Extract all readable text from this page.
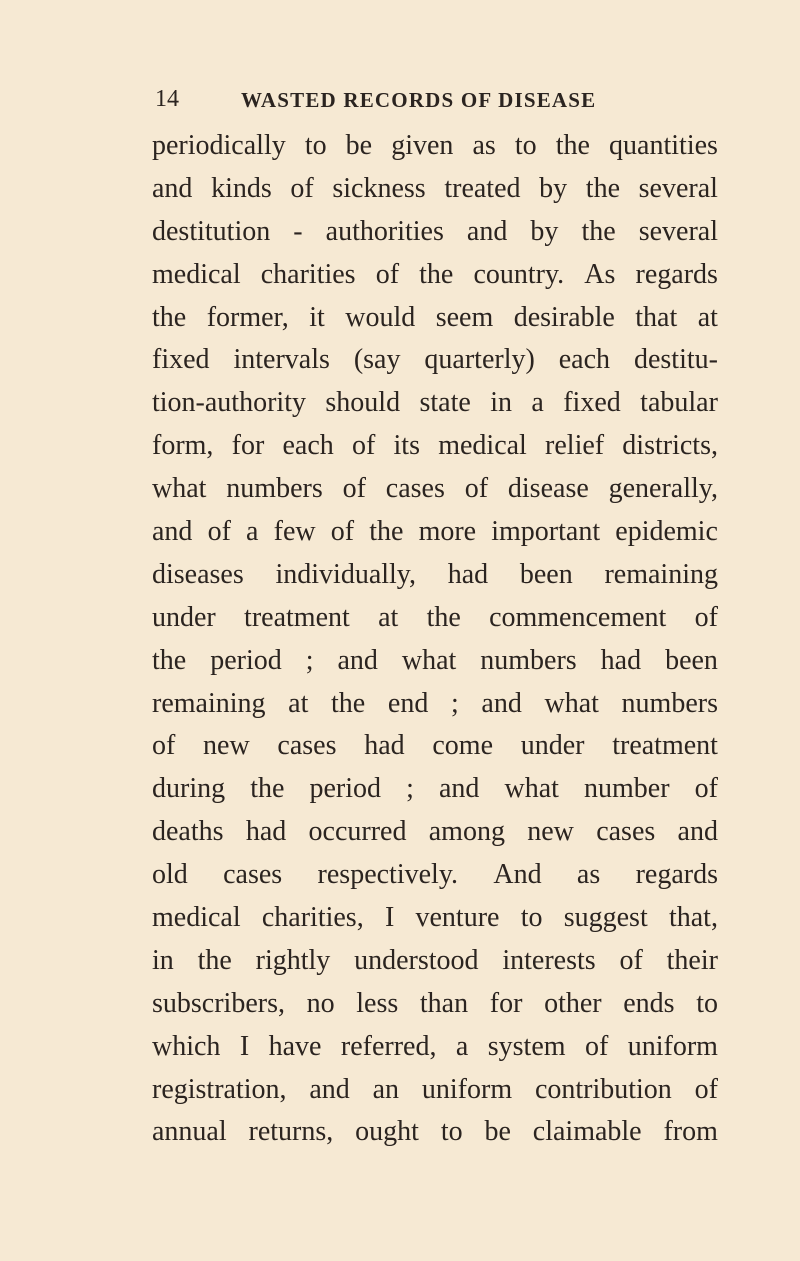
14	WASTED RECORDS OF DISEASE
periodically to be given as to the quantities
and kinds of sickness treated by the several
destitution - authorities and by the several
medical charities of the country. As regards
the former, it would seem desirable that at
fixed intervals (say quarterly) each destitu-
tion-authority should state in a fixed tabular
form, for each of its medical relief districts,
what numbers of cases of disease generally,
and of a few of the more important epidemic
diseases individually, had been remaining
under treatment at the commencement of
the period ; and what numbers had been
remaining at the end ; and what numbers
of new cases had come under treatment
during the period ; and what number of
deaths had occurred among new cases and
old cases respectively. And as regards
medical charities, I venture to suggest that,
in the rightly understood interests of their
subscribers, no less than for other ends to
which I have referred, a system of uniform
registration, and an uniform contribution of
annual returns, ought to be claimable from
